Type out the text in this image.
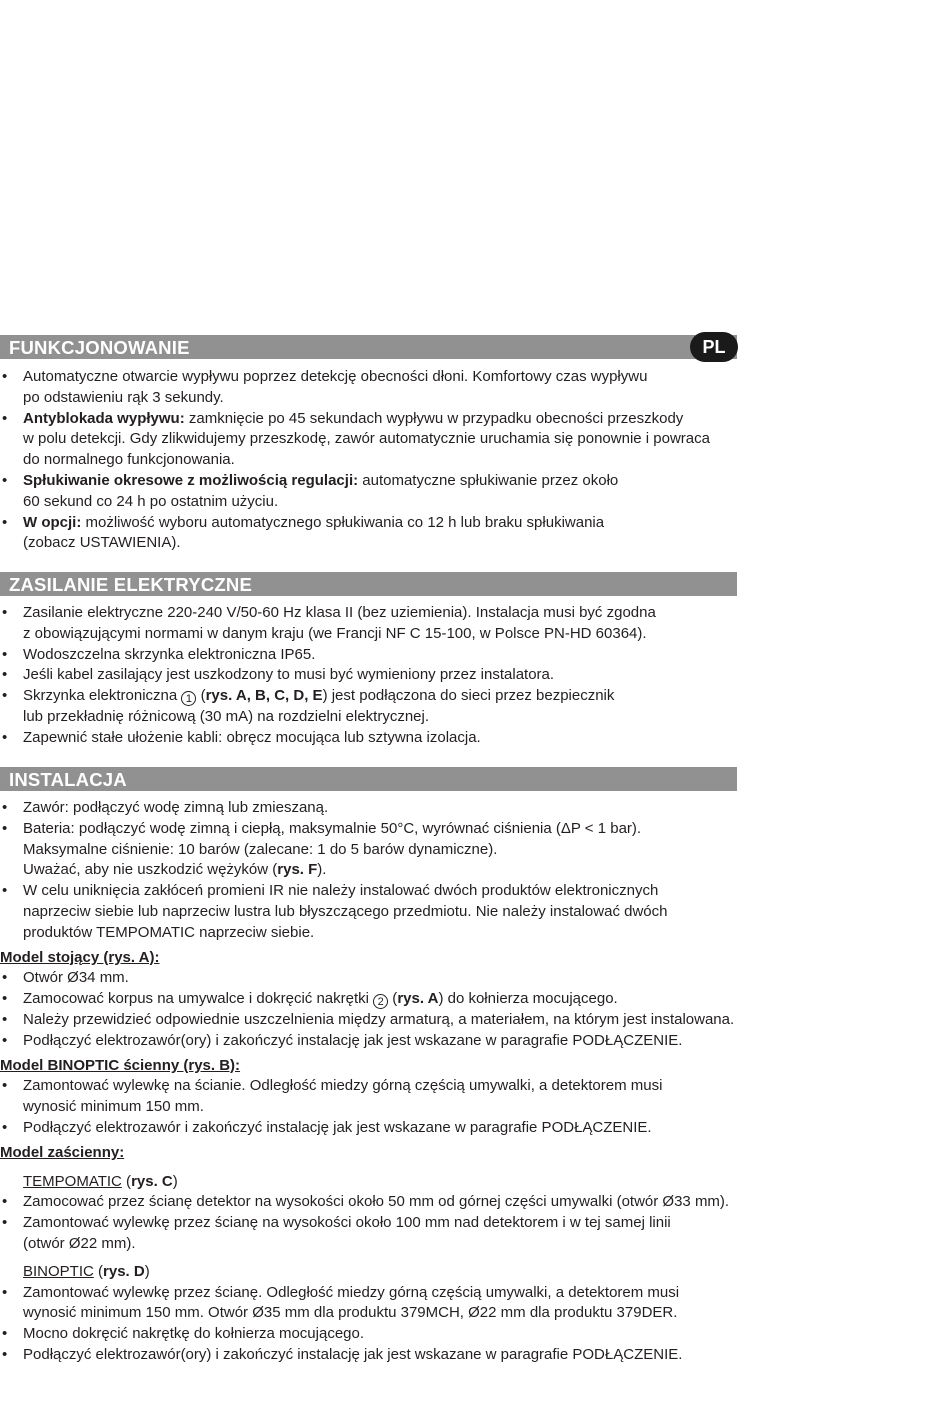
FUNKCJONOWANIE	PL
• Automatyczne otwarcie wypływu poprzez detekcję obecności dłoni. Komfortowy czas wypływu
po odstawieniu rąk 3 sekundy.
• Antyblokada wypływu: zamknięcie po 45 sekundach wypływu w przypadku obecności przeszkody
w polu detekcji. Gdy zlikwidujemy przeszkodę, zawór automatycznie uruchamia się ponownie i powraca
do normalnego funkcjonowania.
• Spłukiwanie okresowe z możliwością regulacji: automatyczne spłukiwanie przez około
60 sekund co 24 h po ostatnim użyciu.
• W opcji: możliwość wyboru automatycznego spłukiwania co 12 h lub braku spłukiwania
(zobacz USTAWIENIA).
ZASILANIE ELEKTRYCZNE
• Zasilanie elektryczne 220-240 V/50-60 Hz klasa II (bez uziemienia). Instalacja musi być zgodna
z obowiązującymi normami w danym kraju (we Francji NF C 15-100, w Polsce PN-HD 60364).
• Wodoszczelna skrzynka elektroniczna IP65.
• Jeśli kabel zasilający jest uszkodzony to musi być wymieniony przez instalatora.
• Skrzynka elektroniczna 1 (rys. A, B, C, D, E) jest podłączona do sieci przez bezpiecznik
lub przekładnię różnicową (30 mA) na rozdzielni elektrycznej.
• Zapewnić stałe ułożenie kabli: obręcz mocująca lub sztywna izolacja.
INSTALACJA
• Zawór: podłączyć wodę zimną lub zmieszaną.
• Bateria: podłączyć wodę zimną i ciepłą, maksymalnie 50°C, wyrównać ciśnienia (ΔP < 1 bar).
Maksymalne ciśnienie: 10 barów (zalecane: 1 do 5 barów dynamiczne).
Uważać, aby nie uszkodzić wężyków (rys. F).
• W celu uniknięcia zakłóceń promieni IR nie należy instalować dwóch produktów elektronicznych
naprzeciw siebie lub naprzeciw lustra lub błyszczącego przedmiotu. Nie należy instalować dwóch
produktów TEMPOMATIC naprzeciw siebie.
Model stojący (rys. A):
• Otwór Ø34 mm.
• Zamocować korpus na umywalce i dokręcić nakrętki 2 (rys. A) do kołnierza mocującego.
• Należy przewidzieć odpowiednie uszczelnienia między armaturą, a materiałem, na którym jest instalowana.
• Podłączyć elektrozawór(ory) i zakończyć instalację jak jest wskazane w paragrafie PODŁĄCZENIE.
Model BINOPTIC ścienny (rys. B):
• Zamontować wylewkę na ścianie. Odległość miedzy górną częścią umywalki, a detektorem musi
wynosić minimum 150 mm.
• Podłączyć elektrozawór i zakończyć instalację jak jest wskazane w paragrafie PODŁĄCZENIE.
Model zaścienny:
TEMPOMATIC (rys. C)
• Zamocować przez ścianę detektor na wysokości około 50 mm od górnej części umywalki (otwór Ø33 mm).
• Zamontować wylewkę przez ścianę na wysokości około 100 mm nad detektorem i w tej samej linii
(otwór Ø22 mm).
BINOPTIC (rys. D)
• Zamontować wylewkę przez ścianę. Odległość miedzy górną częścią umywalki, a detektorem musi
wynosić minimum 150 mm. Otwór Ø35 mm dla produktu 379MCH, Ø22 mm dla produktu 379DER.
• Mocno dokręcić nakrętkę do kołnierza mocującego.
• Podłączyć elektrozawór(ory) i zakończyć instalację jak jest wskazane w paragrafie PODŁĄCZENIE.
